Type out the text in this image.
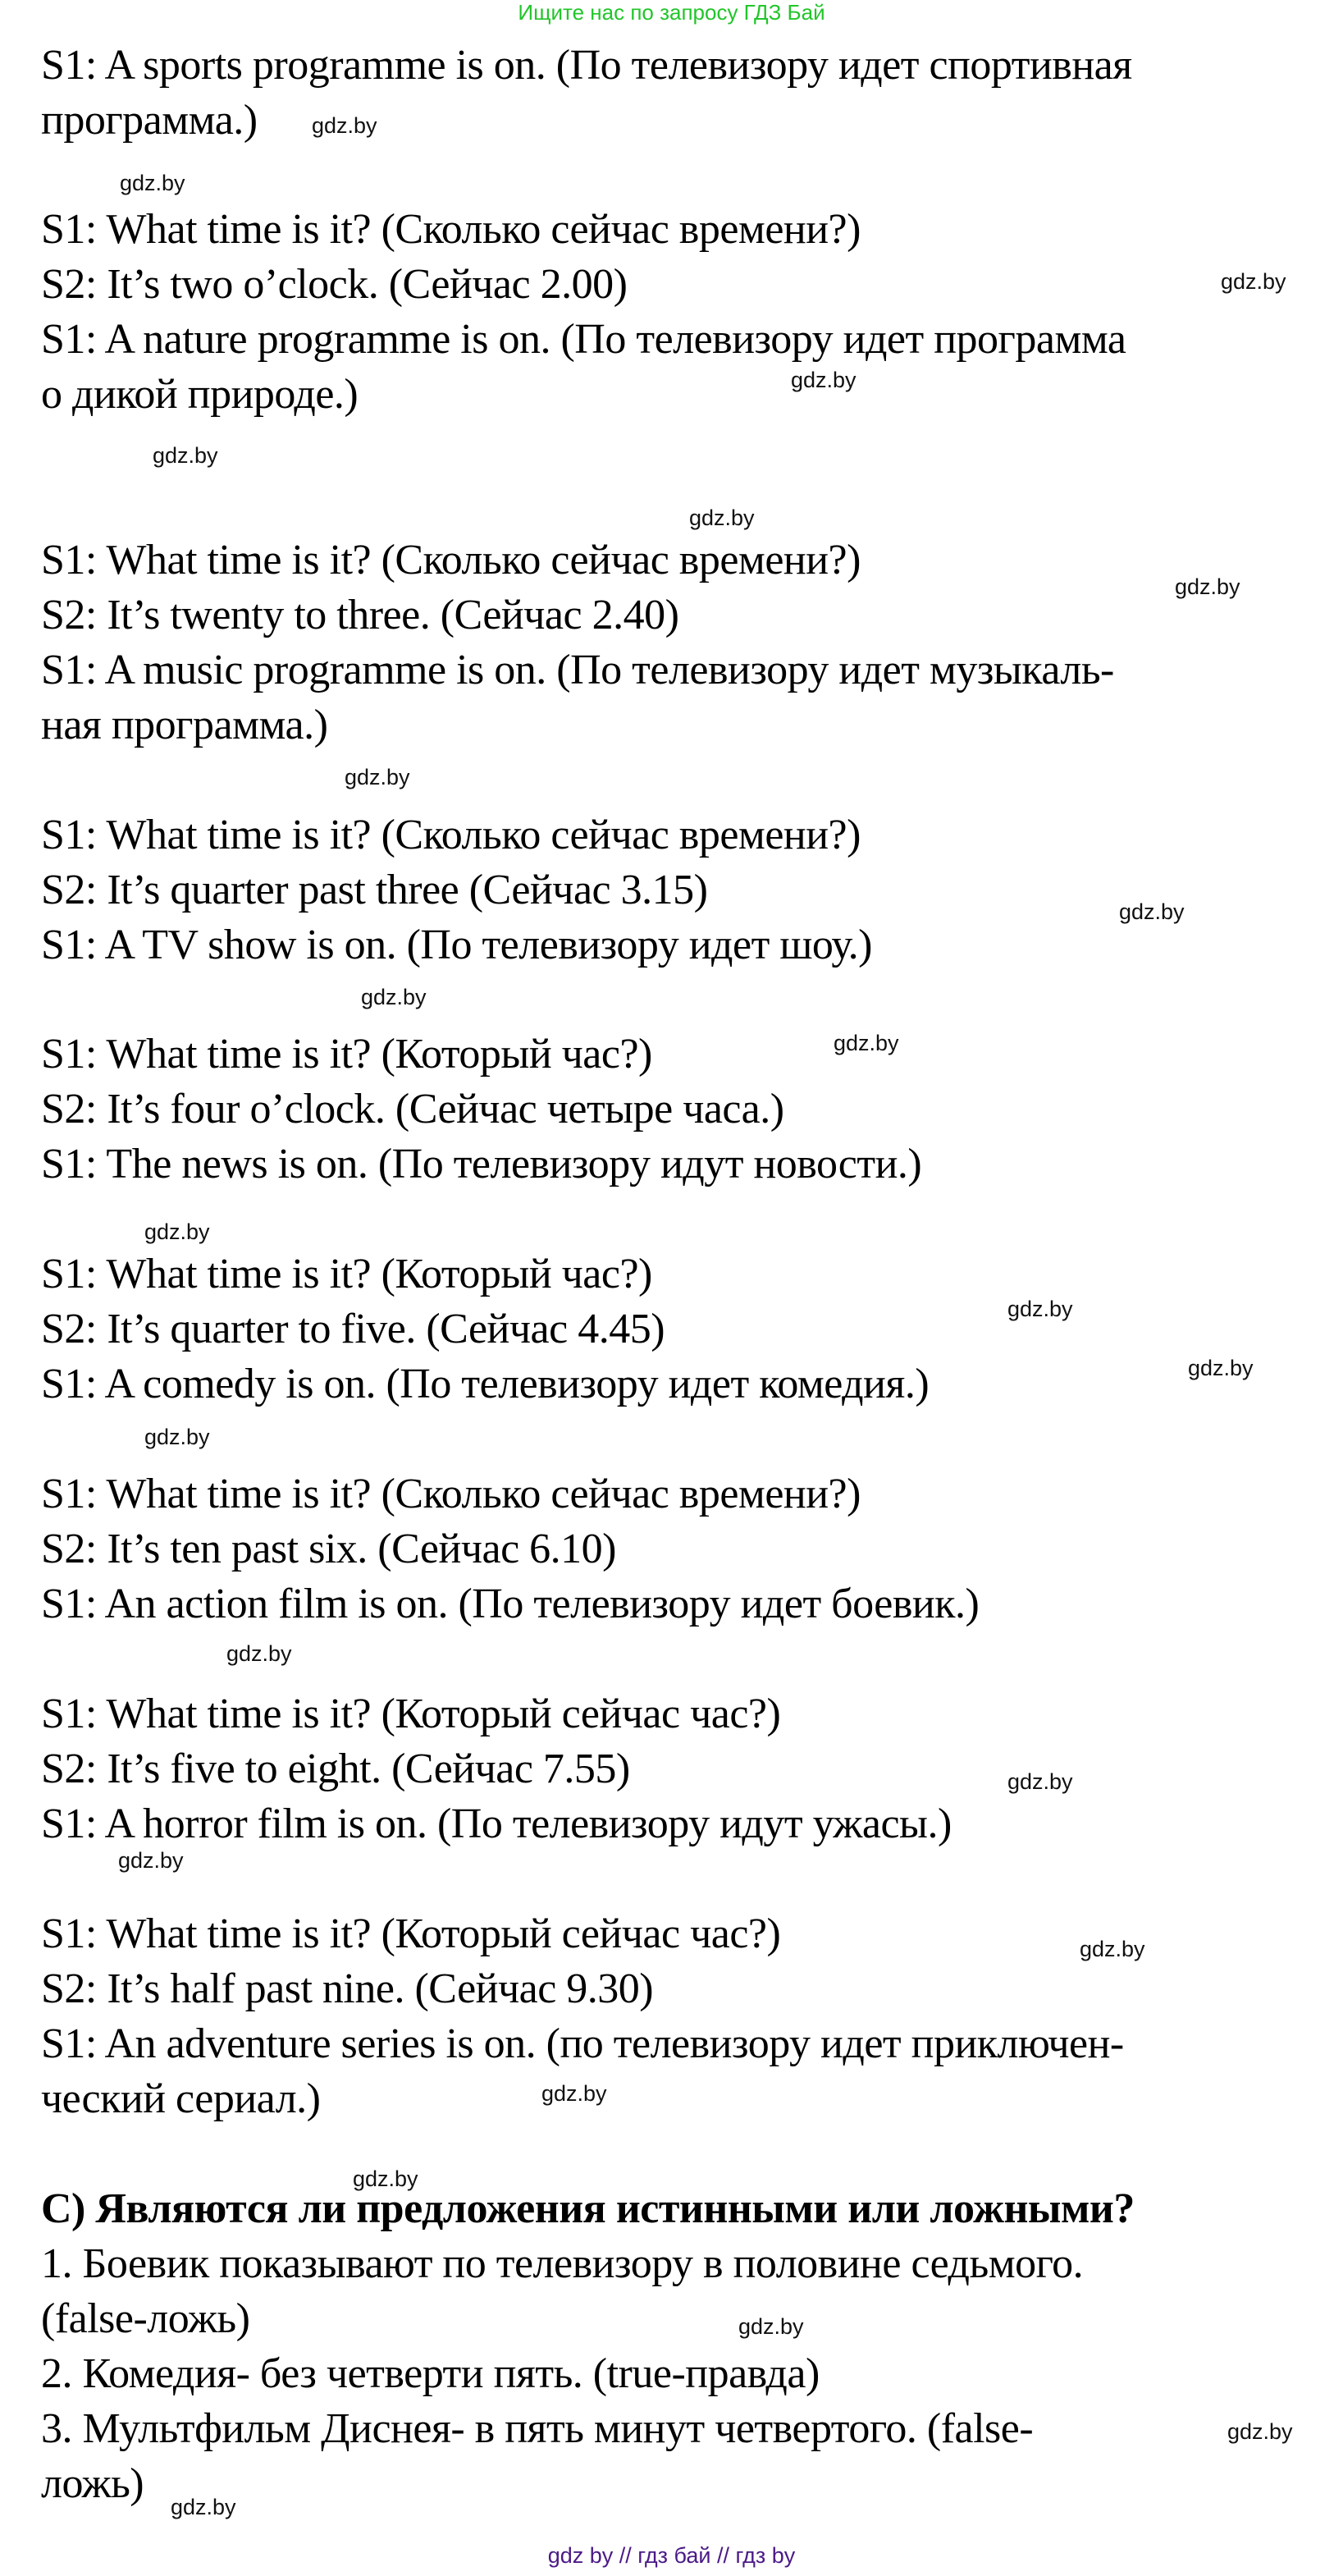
Ищите нас по запросу ГДЗ Бай
S1: A sports programme is on. (По телевизору идет спортивная
программа.)
S1: What time is it? (Сколько сейчас времени?)
S2: It’s two o’clock. (Сейчас 2.00)
S1: A nature programme is on. (По телевизору идет программа
о дикой природе.)
S1: What time is it? (Сколько сейчас времени?)
S2: It’s twenty to three. (Сейчас 2.40)
S1: A music programme is on. (По телевизору идет музыкаль-
ная программа.)
S1: What time is it? (Сколько сейчас времени?)
S2: It’s quarter past three (Сейчас 3.15)
S1: A TV show is on. (По телевизору идет шоу.)
S1: What time is it? (Который час?)
S2: It’s four o’clock. (Сейчас четыре часа.)
S1: The news is on. (По телевизору идут новости.)
S1: What time is it? (Который час?)
S2: It’s quarter to five. (Сейчас 4.45)
S1: A comedy is on. (По телевизору идет комедия.)
S1: What time is it? (Сколько сейчас времени?)
S2: It’s ten past six. (Сейчас 6.10)
S1: An action film is on. (По телевизору идет боевик.)
S1: What time is it? (Который сейчас час?)
S2: It’s five to eight. (Сейчас 7.55)
S1: A horror film is on. (По телевизору идут ужасы.)
S1: What time is it? (Который сейчас час?)
S2: It’s half past nine. (Сейчас 9.30)
S1: An adventure series is on. (по телевизору идет приключен-
ческий сериал.)
C) Являются ли предложения истинными или ложными?
1. Боевик показывают по телевизору в половине седьмого.
(false-ложь)
2. Комедия- без четверти пять. (true-правда)
3. Мультфильм Диснея- в пять минут четвертого. (false-
ложь)
gdz.by
gdz.by
gdz.by
gdz.by
gdz.by
gdz.by
gdz.by
gdz.by
gdz.by
gdz.by
gdz.by
gdz.by
gdz.by
gdz.by
gdz.by
gdz.by
gdz.by
gdz.by
gdz.by
gdz.by
gdz.by
gdz.by
gdz.by
gdz.by
gdz by // гдз бай // гдз by
